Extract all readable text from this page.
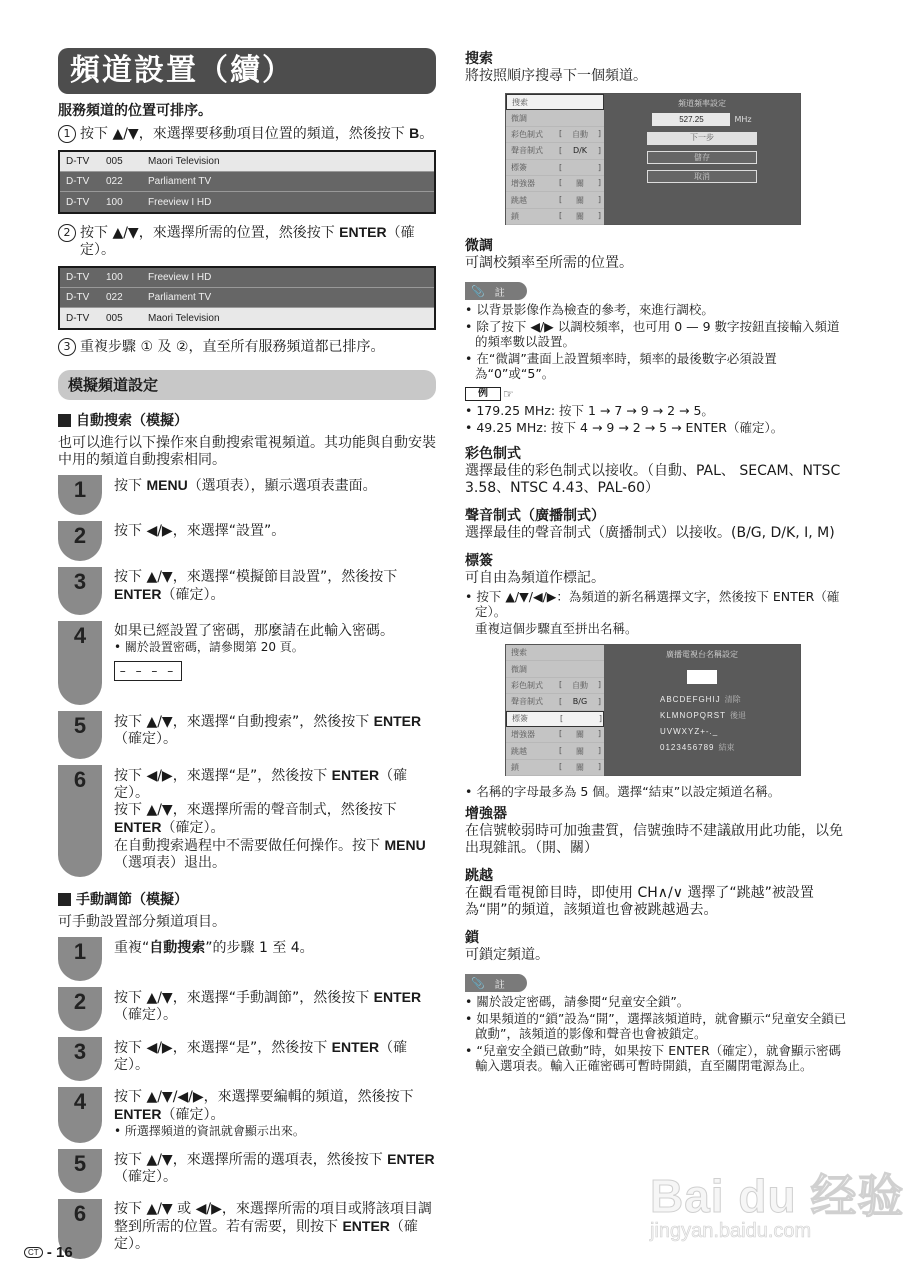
頻道設置（續）
服務頻道的位置可排序。
1 按下 ▲/▼，來選擇要移動項目位置的頻道，然後按下 B。
D-TV	005	Maori Television
D-TV	022	Parliament TV
D-TV	100	Freeview I HD
2 按下 ▲/▼，來選擇所需的位置，然後按下 ENTER（確定）。
D-TV	100	Freeview I HD
D-TV	022	Parliament TV
D-TV	005	Maori Television
3 重複步驟 ① 及 ②，直至所有服務頻道都已排序。
模擬頻道設定
自動搜索（模擬）
也可以進行以下操作來自動搜索電視頻道。其功能與自動安裝中用的頻道自動搜索相同。
1	按下 MENU（選項表），顯示選項表畫面。
2	按下 ◀/▶，來選擇“設置”。
3	按下 ▲/▼，來選擇“模擬節目設置”，然後按下 ENTER（確定）。
4	如果已經設置了密碼，那麼請在此輸入密碼。
• 關於設置密碼，請參閱第 20 頁。
– – – –
5	按下 ▲/▼，來選擇“自動搜索”，然後按下 ENTER（確定）。
6	按下 ◀/▶，來選擇“是”，然後按下 ENTER（確定）。
按下 ▲/▼，來選擇所需的聲音制式，然後按下 ENTER（確定）。
在自動搜索過程中不需要做任何操作。按下 MENU（選項表）退出。
手動調節（模擬）
可手動設置部分頻道項目。
1	重複“自動搜索”的步驟 1 至 4。
2	按下 ▲/▼，來選擇“手動調節”，然後按下 ENTER（確定）。
3	按下 ◀/▶，來選擇“是”，然後按下 ENTER（確定）。
4	按下 ▲/▼/◀/▶，來選擇要編輯的頻道，然後按下 ENTER（確定）。
• 所選擇頻道的資訊就會顯示出來。
5	按下 ▲/▼，來選擇所需的選項表，然後按下 ENTER（確定）。
6	按下 ▲/▼ 或 ◀/▶，來選擇所需的項目或將該項目調整到所需的位置。若有需要，則按下 ENTER（確定）。
搜索
將按照順序搜尋下一個頻道。
搜索
微調
彩色制式	[ 自動 ]
聲音制式	[ D/K ]
標簽	[	]
增強器	[ 關 ]
跳越	[ 關 ]
鎖	[ 關 ]
頻道頻率設定
527.25	MHz
下一步
儲存
取消
微調
可調校頻率至所需的位置。
📎 註
• 以背景影像作為檢查的參考，來進行調校。
• 除了按下 ◀/▶ 以調校頻率，也可用 0 — 9 數字按鈕直接輸入頻道的頻率數以設置。
• 在“微調”畫面上設置頻率時，頻率的最後數字必須設置為“0”或“5”。
例	☞
• 179.25 MHz: 按下 1 → 7 → 9 → 2 → 5。
• 49.25 MHz: 按下 4 → 9 → 2 → 5 → ENTER（確定）。
彩色制式
選擇最佳的彩色制式以接收。（自動、PAL、 SECAM、NTSC 3.58、NTSC 4.43、PAL-60）
聲音制式（廣播制式）
選擇最佳的聲音制式（廣播制式）以接收。(B/G, D/K, I, M)
標簽
可自由為頻道作標記。
• 按下 ▲/▼/◀/▶：為頻道的新名稱選擇文字，然後按下 ENTER（確定）。
重複這個步驟直至拼出名稱。
搜索
微調
彩色制式	[ 自動 ]
聲音制式	[ B/G ]
標簽	[	]
增強器	[ 關 ]
跳越	[ 關 ]
鎖	[ 關 ]
廣播電視台名稱設定
ABCDEFGHIJ 清除
KLMNOPQRST 後退
UVWXYZ+-._
0123456789 結束
• 名稱的字母最多為 5 個。選擇“結束”以設定頻道名稱。
增強器
在信號較弱時可加強畫質，信號強時不建議啟用此功能，以免出現雜訊。（開、關）
跳越
在觀看電視節目時，即使用 CH∧/∨ 選擇了“跳越”被設置為“開”的頻道，該頻道也會被跳越過去。
鎖
可鎖定頻道。
📎 註
• 關於設定密碼，請參閱“兒童安全鎖”。
• 如果頻道的“鎖”設為“開”，選擇該頻道時，就會顯示“兒童安全鎖已啟動”，該頻道的影像和聲音也會被鎖定。
• “兒童安全鎖已啟動”時，如果按下 ENTER（確定），就會顯示密碼輸入選項表。輸入正確密碼可暫時開鎖，直至關閉電源為止。
CT - 16
Bai du 经验
jingyan.baidu.com
